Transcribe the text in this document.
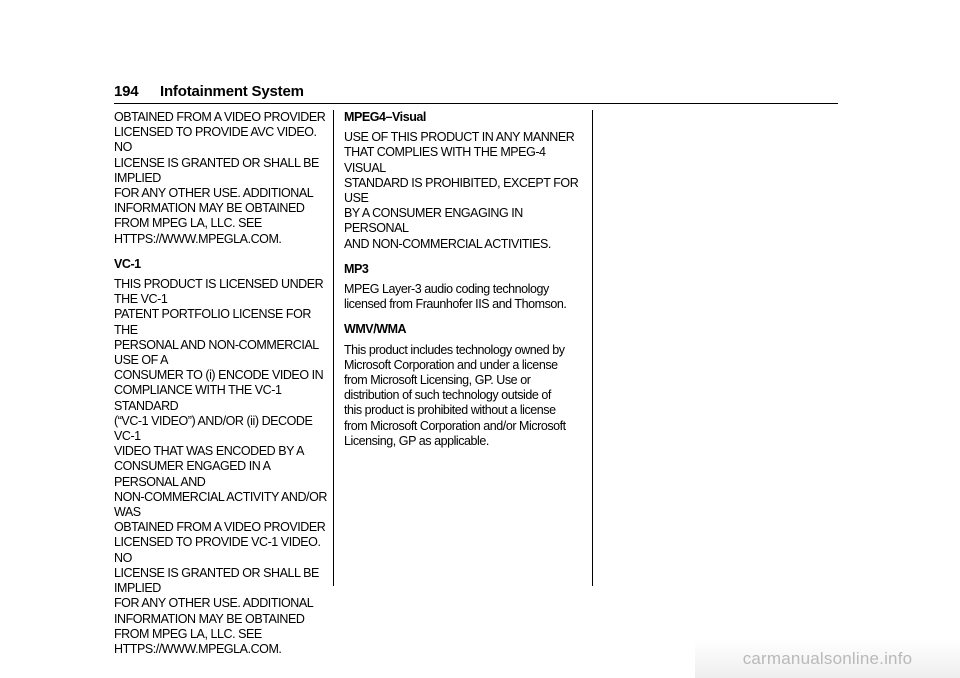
194 Infotainment System

OBTAINED FROM A VIDEO PROVIDER
LICENSED TO PROVIDE AVC VIDEO. NO
LICENSE IS GRANTED OR SHALL BE IMPLIED
FOR ANY OTHER USE. ADDITIONAL
INFORMATION MAY BE OBTAINED
FROM MPEG LA, LLC. SEE
HTTPS://WWW.MPEGLA.COM.

VC-1

THIS PRODUCT IS LICENSED UNDER THE VC-1
PATENT PORTFOLIO LICENSE FOR THE
PERSONAL AND NON-COMMERCIAL USE OF A
CONSUMER TO (i) ENCODE VIDEO IN
COMPLIANCE WITH THE VC-1 STANDARD
(“VC-1 VIDEO”) AND/OR (ii) DECODE VC-1
VIDEO THAT WAS ENCODED BY A
CONSUMER ENGAGED IN A PERSONAL AND
NON-COMMERCIAL ACTIVITY AND/OR WAS
OBTAINED FROM A VIDEO PROVIDER
LICENSED TO PROVIDE VC-1 VIDEO. NO
LICENSE IS GRANTED OR SHALL BE IMPLIED
FOR ANY OTHER USE. ADDITIONAL
INFORMATION MAY BE OBTAINED
FROM MPEG LA, LLC. SEE
HTTPS://WWW.MPEGLA.COM.

MPEG4–Visual

USE OF THIS PRODUCT IN ANY MANNER
THAT COMPLIES WITH THE MPEG-4 VISUAL
STANDARD IS PROHIBITED, EXCEPT FOR USE
BY A CONSUMER ENGAGING IN PERSONAL
AND NON-COMMERCIAL ACTIVITIES.

MP3

MPEG Layer-3 audio coding technology
licensed from Fraunhofer IIS and Thomson.

WMV/WMA

This product includes technology owned by
Microsoft Corporation and under a license
from Microsoft Licensing, GP. Use or
distribution of such technology outside of
this product is prohibited without a license
from Microsoft Corporation and/or Microsoft
Licensing, GP as applicable.

carmanualsonline.info
